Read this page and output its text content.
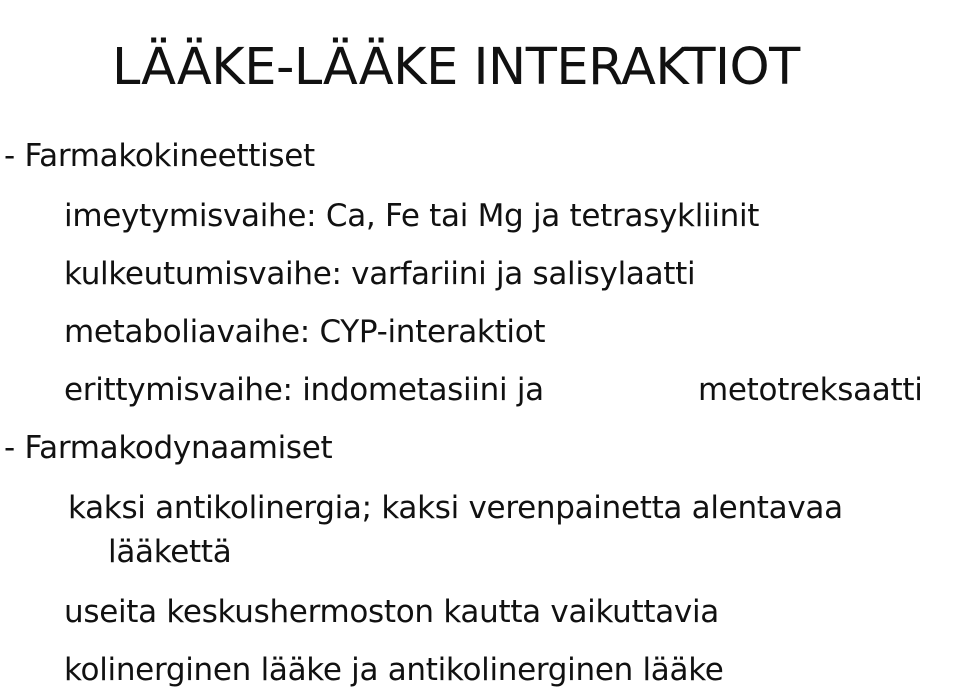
LÄÄKE-LÄÄKE INTERAKTIOT
- Farmakokineettiset
imeytymisvaihe: Ca, Fe tai Mg ja tetrasykliinit
kulkeutumisvaihe: varfariini ja salisylaatti
metaboliavaihe: CYP-interaktiot
erittymisvaihe: indometasiini ja	metotreksaatti
- Farmakodynaamiset
kaksi antikolinergia; kaksi verenpainetta alentavaa
lääkettä
useita keskushermoston kautta vaikuttavia
kolinerginen lääke ja antikolinerginen lääke
